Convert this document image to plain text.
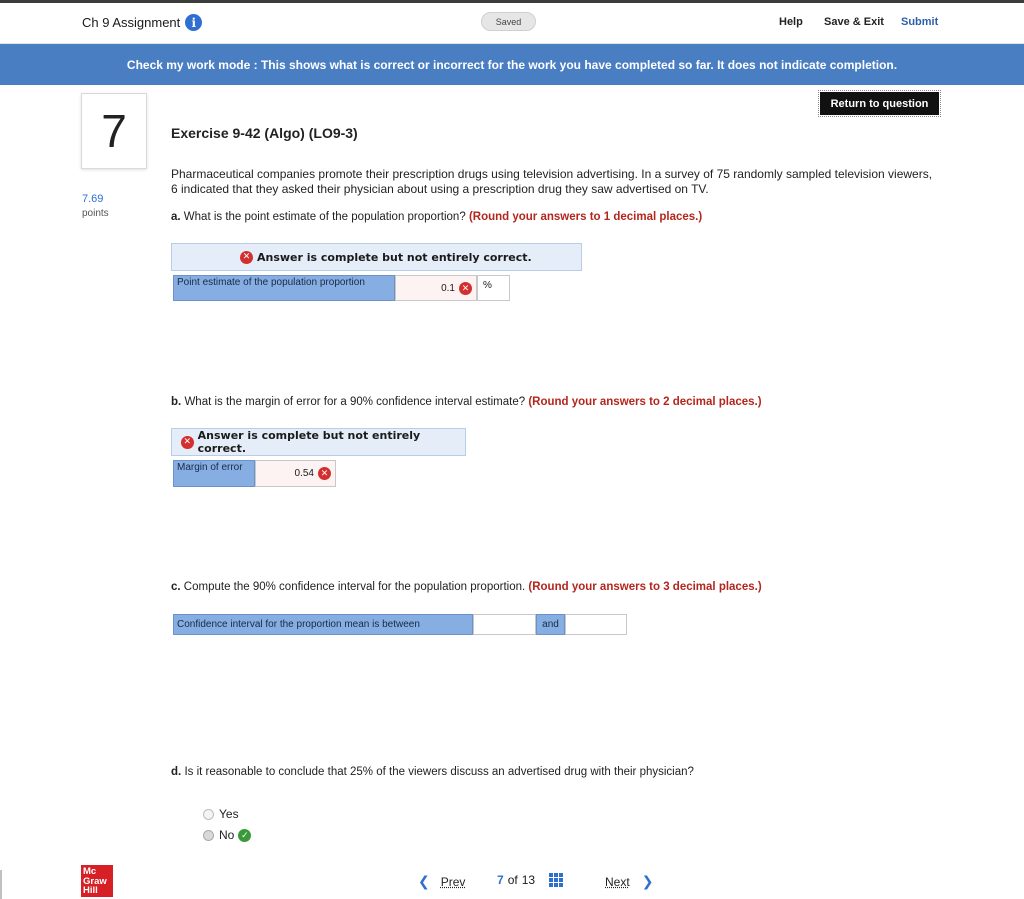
Ch 9 Assignment i	Saved	Help Save & Exit Submit
Check my work mode : This shows what is correct or incorrect for the work you have completed so far. It does not indicate completion.
Return to question
7
7.69
points
Exercise 9-42 (Algo) (LO9-3)
Pharmaceutical companies promote their prescription drugs using television advertising. In a survey of 75 randomly sampled television viewers, 6 indicated that they asked their physician about using a prescription drug they saw advertised on TV.
a. What is the point estimate of the population proportion? (Round your answers to 1 decimal places.)
✕ Answer is complete but not entirely correct.
Point estimate of the population proportion	0.1 ✕	%
b. What is the margin of error for a 90% confidence interval estimate? (Round your answers to 2 decimal places.)
✕ Answer is complete but not entirely correct.
Margin of error
0.54 ✕
c. Compute the 90% confidence interval for the population proportion. (Round your answers to 3 decimal places.)
Confidence interval for the proportion mean is between	and
d. Is it reasonable to conclude that 25% of the viewers discuss an advertised drug with their physician?
Yes
No ✓
Mc
Graw
Hill
❮ Prev	7 of 13	Next ❯
